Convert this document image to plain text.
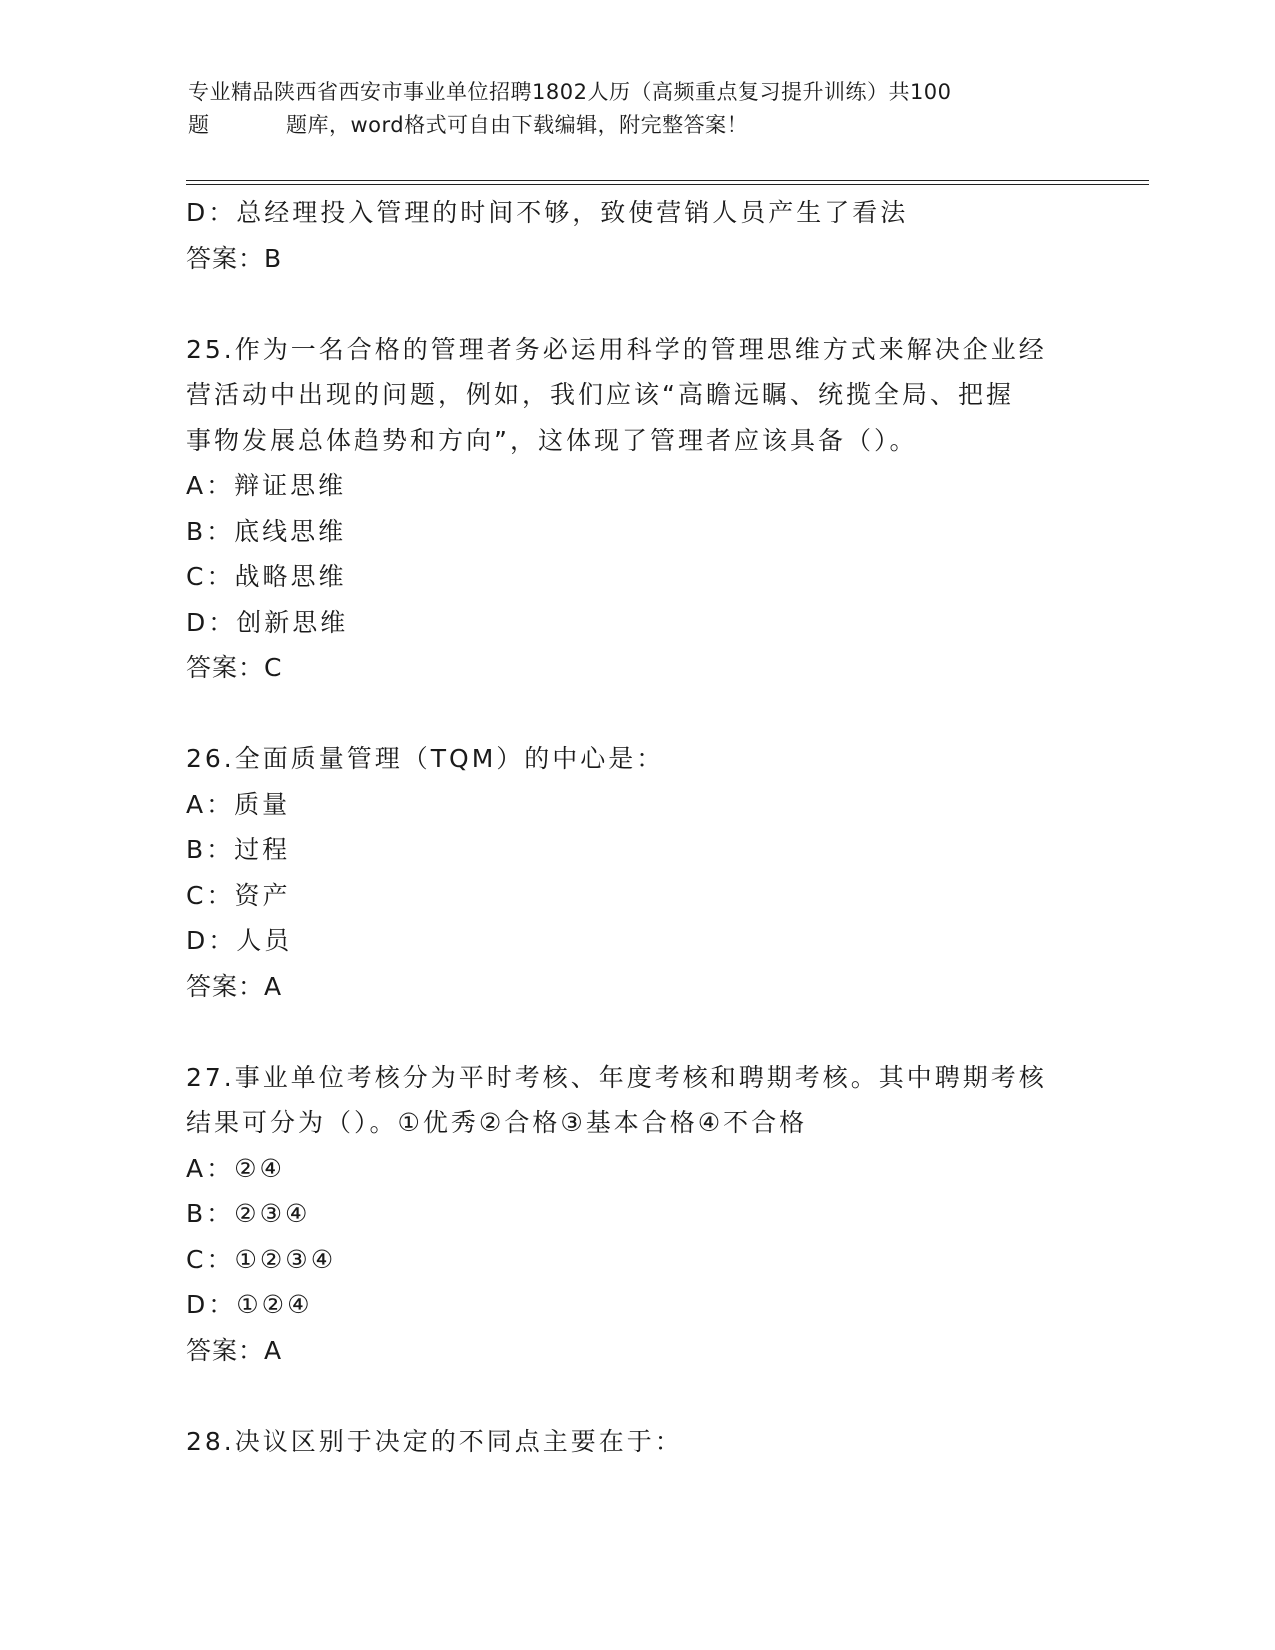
专业精品陕西省西安市事业单位招聘1802人历（高频重点复习提升训练）共100
题	题库，word格式可自由下载编辑，附完整答案！
D：总经理投入管理的时间不够，致使营销人员产生了看法
答案：B
25.作为一名合格的管理者务必运用科学的管理思维方式来解决企业经
营活动中出现的问题，例如，我们应该“高瞻远瞩、统揽全局、把握
事物发展总体趋势和方向”，这体现了管理者应该具备（）。
A：辩证思维
B：底线思维
C：战略思维
D：创新思维
答案：C
26.全面质量管理（TQM）的中心是：
A：质量
B：过程
C：资产
D：人员
答案：A
27.事业单位考核分为平时考核、年度考核和聘期考核。其中聘期考核
结果可分为（）。①优秀②合格③基本合格④不合格
A：②④
B：②③④
C：①②③④
D：①②④
答案：A
28.决议区别于决定的不同点主要在于：
